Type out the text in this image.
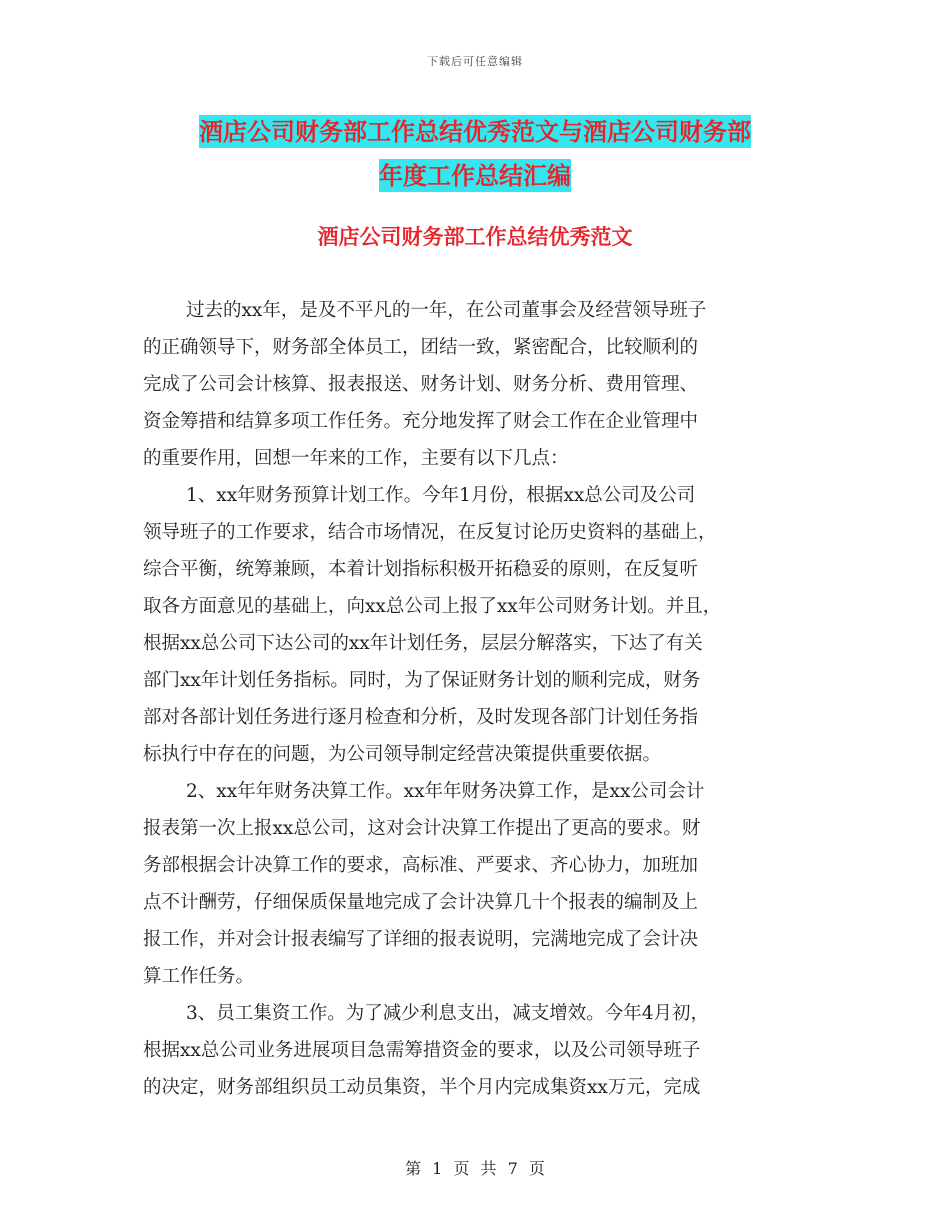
下载后可任意编辑
酒店公司财务部工作总结优秀范文与酒店公司财务部
年度工作总结汇编
酒店公司财务部工作总结优秀范文
过去的xx年，是及不平凡的一年，在公司董事会及经营领导班子
的正确领导下，财务部全体员工，团结一致，紧密配合，比较顺利的
完成了公司会计核算、报表报送、财务计划、财务分析、费用管理、
资金筹措和结算多项工作任务。充分地发挥了财会工作在企业管理中
的重要作用，回想一年来的工作，主要有以下几点：
1、xx年财务预算计划工作。今年1月份，根据xx总公司及公司
领导班子的工作要求，结合市场情况，在反复讨论历史资料的基础上，
综合平衡，统筹兼顾，本着计划指标积极开拓稳妥的原则，在反复听
取各方面意见的基础上，向xx总公司上报了xx年公司财务计划。并且，
根据xx总公司下达公司的xx年计划任务，层层分解落实，下达了有关
部门xx年计划任务指标。同时，为了保证财务计划的顺利完成，财务
部对各部计划任务进行逐月检查和分析，及时发现各部门计划任务指
标执行中存在的问题，为公司领导制定经营决策提供重要依据。
2、xx年年财务决算工作。xx年年财务决算工作，是xx公司会计
报表第一次上报xx总公司，这对会计决算工作提出了更高的要求。财
务部根据会计决算工作的要求，高标准、严要求、齐心协力，加班加
点不计酬劳，仔细保质保量地完成了会计决算几十个报表的编制及上
报工作，并对会计报表编写了详细的报表说明，完满地完成了会计决
算工作任务。
3、员工集资工作。为了减少利息支出，减支增效。今年4月初，
根据xx总公司业务进展项目急需筹措资金的要求，以及公司领导班子
的决定，财务部组织员工动员集资，半个月内完成集资xx万元，完成
第 1 页 共 7 页
